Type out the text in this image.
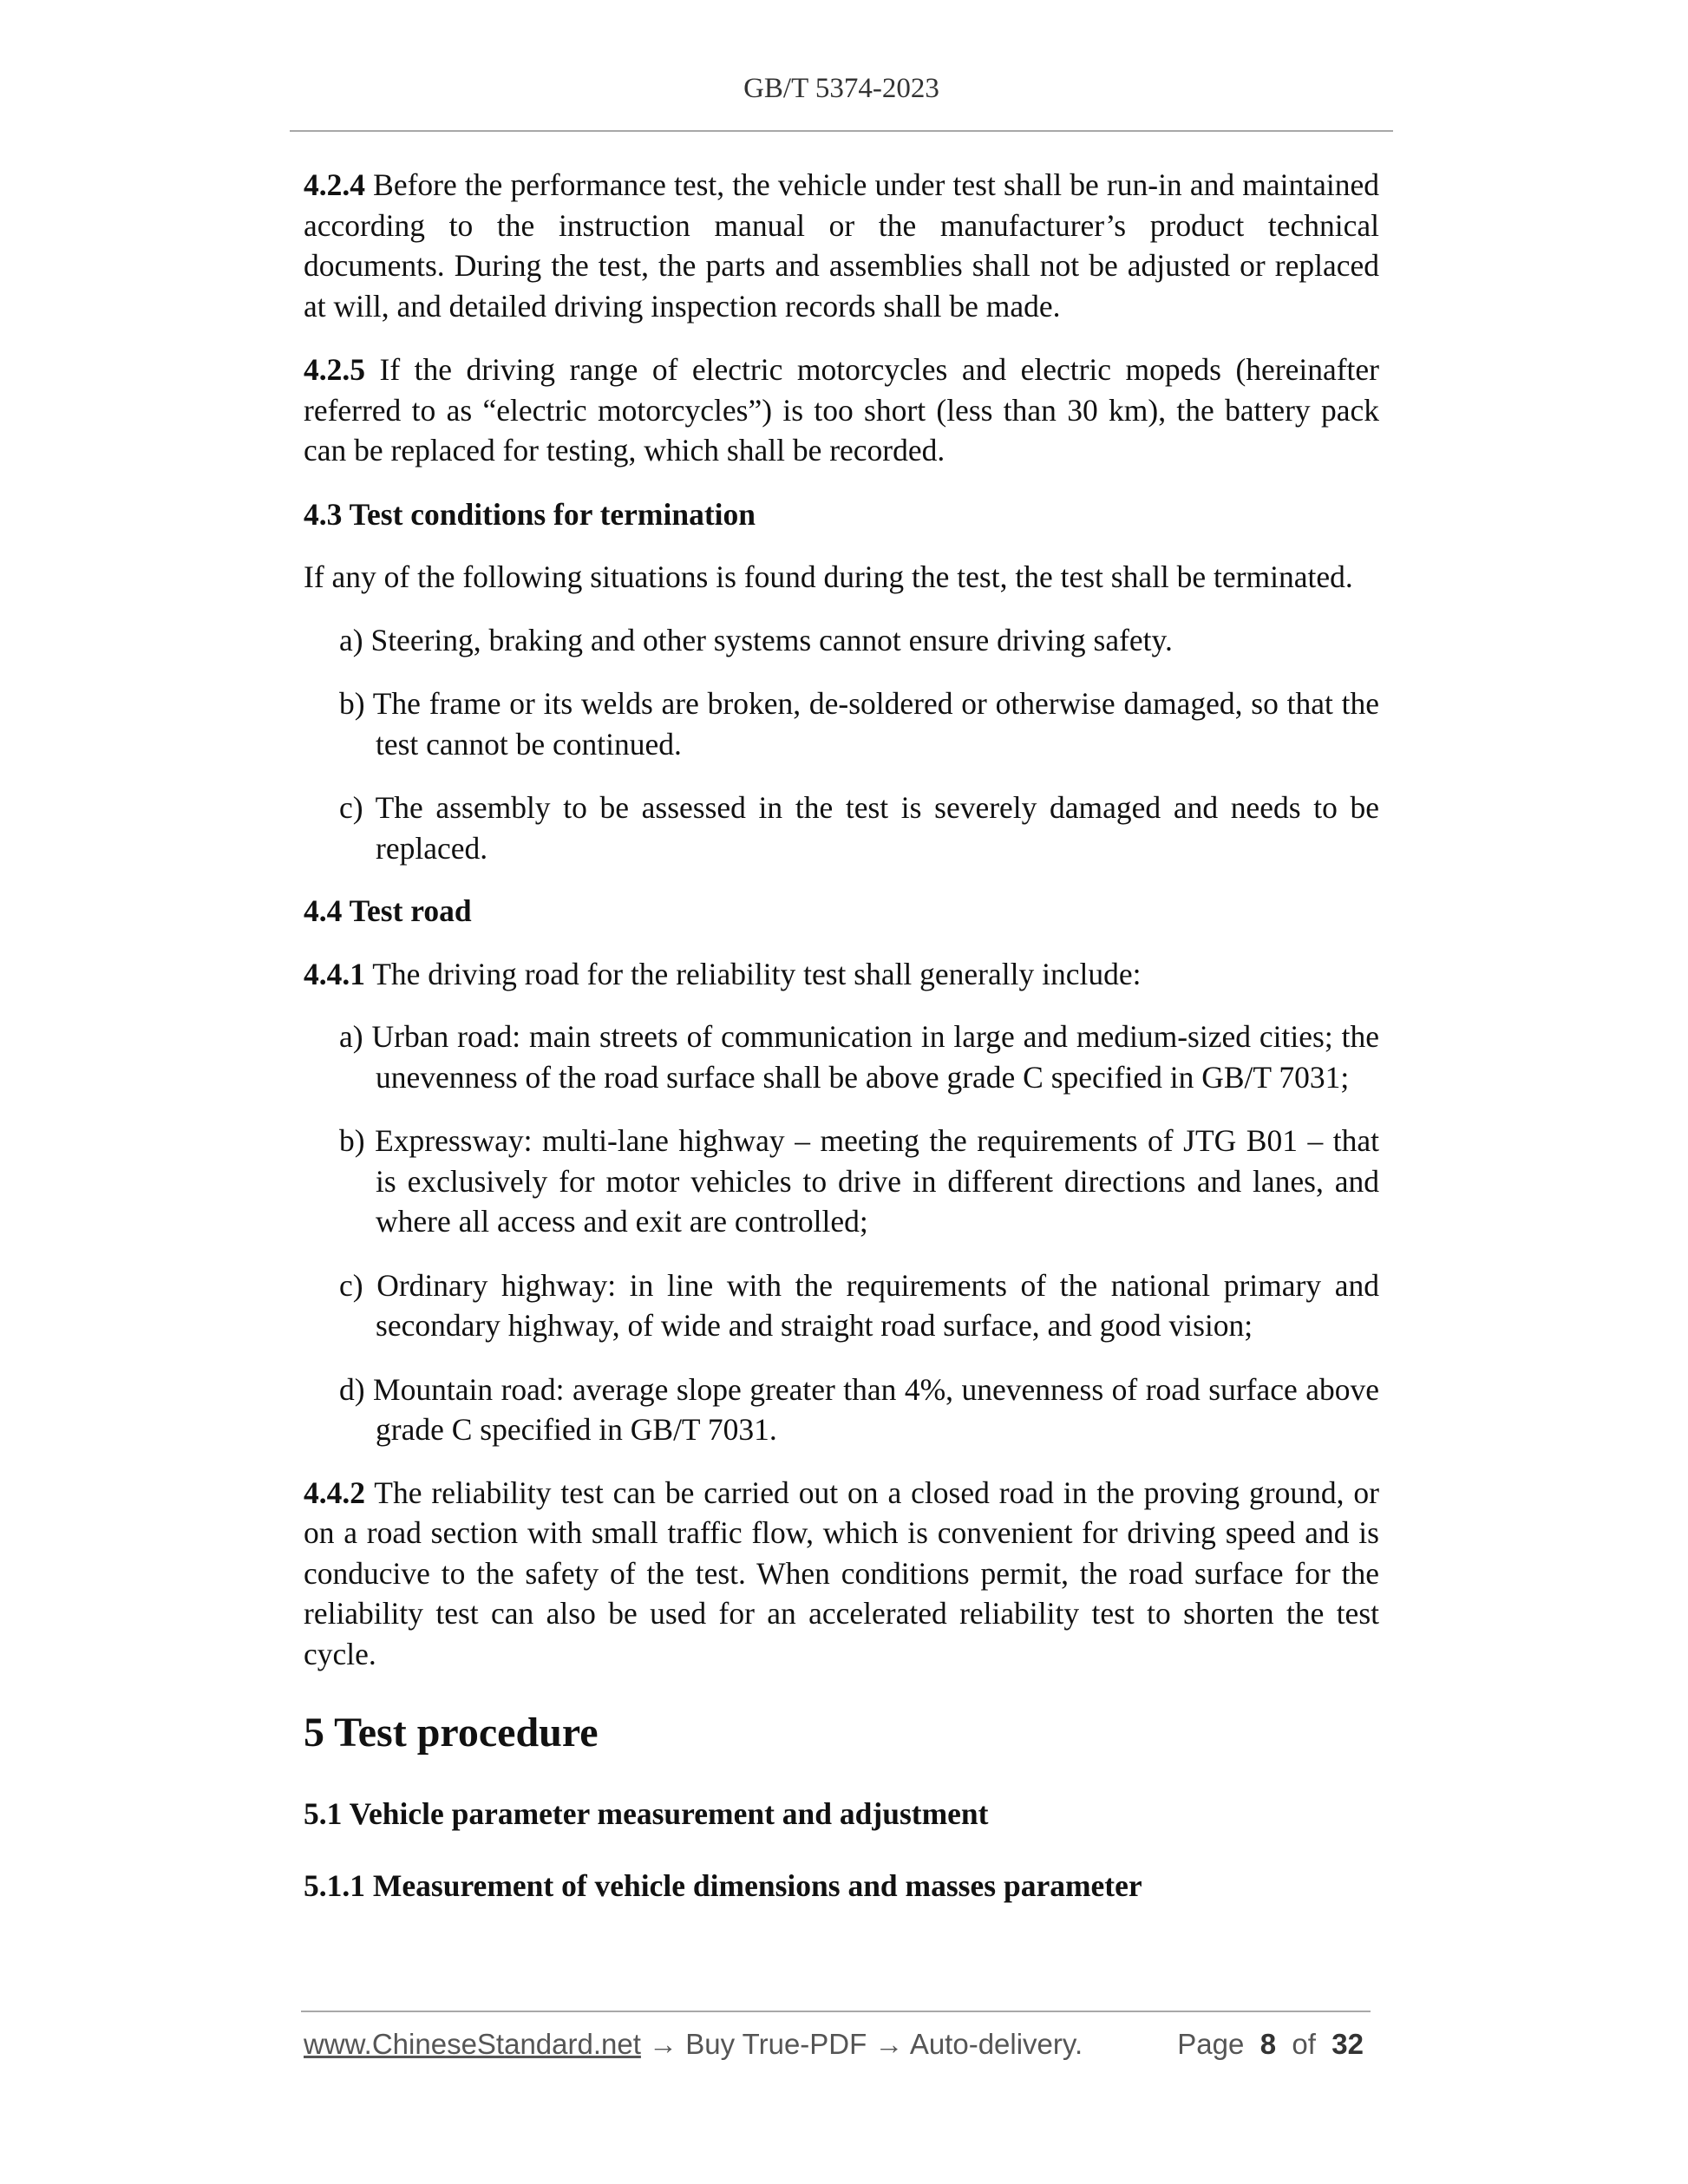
GB/T 5374-2023

4.2.4 Before the performance test, the vehicle under test shall be run-in and maintained according to the instruction manual or the manufacturer’s product technical documents. During the test, the parts and assemblies shall not be adjusted or replaced at will, and detailed driving inspection records shall be made.

4.2.5 If the driving range of electric motorcycles and electric mopeds (hereinafter referred to as “electric motorcycles”) is too short (less than 30 km), the battery pack can be replaced for testing, which shall be recorded.

4.3 Test conditions for termination

If any of the following situations is found during the test, the test shall be terminated.

a) Steering, braking and other systems cannot ensure driving safety.

b) The frame or its welds are broken, de-soldered or otherwise damaged, so that the test cannot be continued.

c) The assembly to be assessed in the test is severely damaged and needs to be replaced.

4.4 Test road

4.4.1 The driving road for the reliability test shall generally include:

a) Urban road: main streets of communication in large and medium-sized cities; the unevenness of the road surface shall be above grade C specified in GB/T 7031;

b) Expressway: multi-lane highway – meeting the requirements of JTG B01 – that is exclusively for motor vehicles to drive in different directions and lanes, and where all access and exit are controlled;

c) Ordinary highway: in line with the requirements of the national primary and secondary highway, of wide and straight road surface, and good vision;

d) Mountain road: average slope greater than 4%, unevenness of road surface above grade C specified in GB/T 7031.

4.4.2 The reliability test can be carried out on a closed road in the proving ground, or on a road section with small traffic flow, which is convenient for driving speed and is conducive to the safety of the test. When conditions permit, the road surface for the reliability test can also be used for an accelerated reliability test to shorten the test cycle.

5 Test procedure

5.1 Vehicle parameter measurement and adjustment

5.1.1 Measurement of vehicle dimensions and masses parameter

www.ChineseStandard.net → Buy True-PDF → Auto-delivery.	Page 8 of 32
